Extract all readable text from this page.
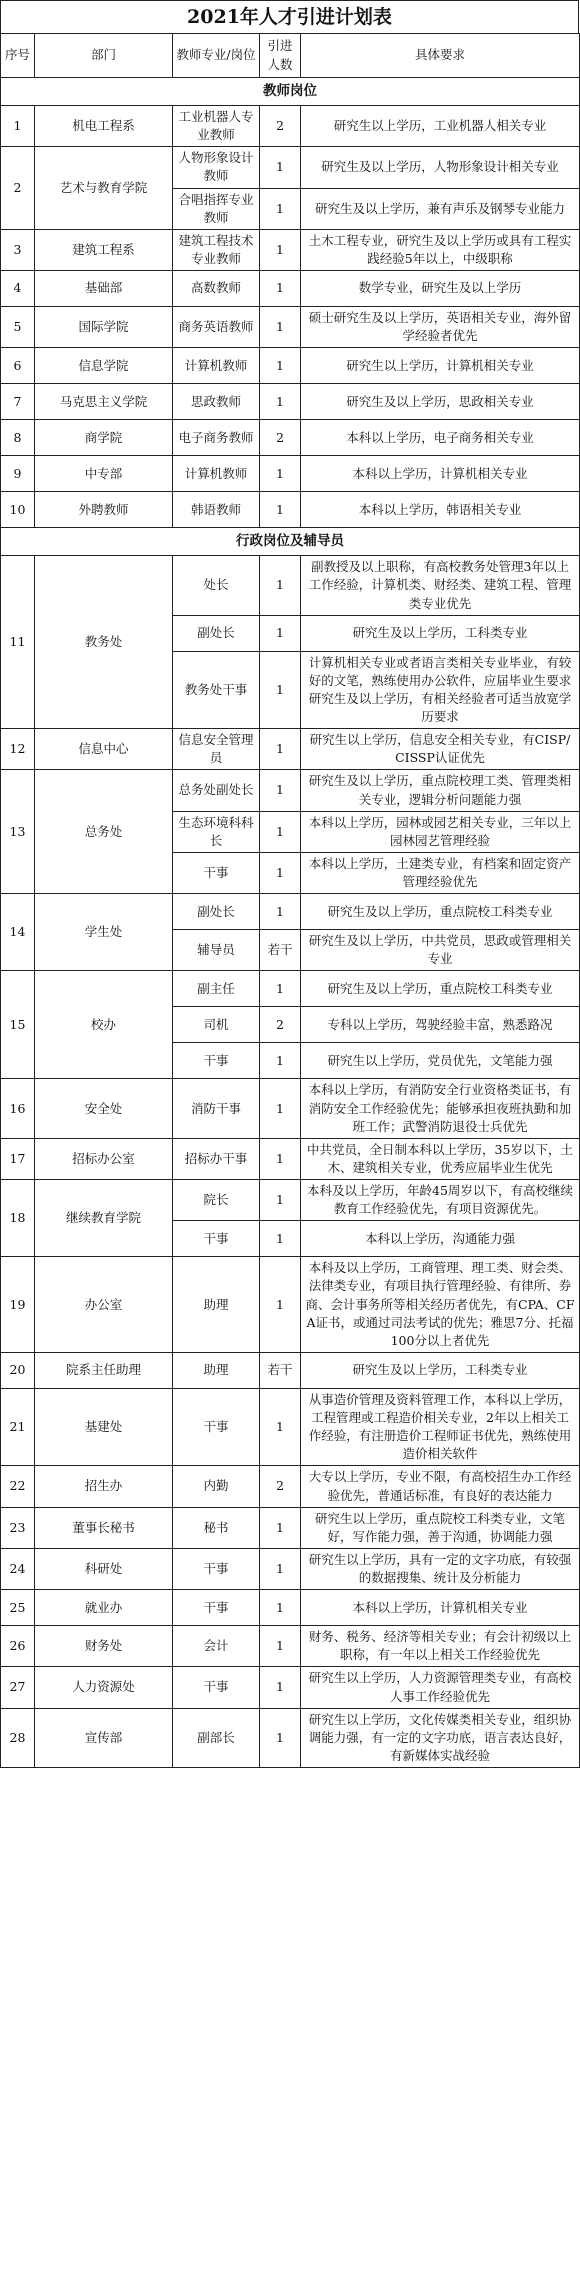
2021年人才引进计划表
序号	部门	教师专业/岗位	引进人数	具体要求
教师岗位				
1	机电工程系	工业机器人专业教师	2	研究生以上学历，工业机器人相关专业
2	艺术与教育学院	人物形象设计教师	1	研究生及以上学历，人物形象设计相关专业
		合唱指挥专业教师	1	研究生及以上学历，兼有声乐及钢琴专业能力
3	建筑工程系	建筑工程技术专业教师	1	土木工程专业，研究生及以上学历或具有工程实践经验5年以上，中级职称
4	基础部	高数教师	1	数学专业，研究生及以上学历
5	国际学院	商务英语教师	1	硕士研究生及以上学历，英语相关专业，海外留学经验者优先
6	信息学院	计算机教师	1	研究生以上学历，计算机相关专业
7	马克思主义学院	思政教师	1	研究生及以上学历，思政相关专业
8	商学院	电子商务教师	2	本科以上学历，电子商务相关专业
9	中专部	计算机教师	1	本科以上学历，计算机相关专业
10	外聘教师	韩语教师	1	本科以上学历，韩语相关专业
行政岗位及辅导员				
11	教务处	处长	1	副教授及以上职称，有高校教务处管理3年以上工作经验，计算机类、财经类、建筑工程、管理类专业优先
		副处长	1	研究生及以上学历，工科类专业
		教务处干事	1	计算机相关专业或者语言类相关专业毕业，有较好的文笔，熟练使用办公软件，应届毕业生要求研究生及以上学历，有相关经验者可适当放宽学历要求
12	信息中心	信息安全管理员	1	研究生以上学历，信息安全相关专业，有CISP/CISSP认证优先
13	总务处	总务处副处长	1	研究生及以上学历，重点院校理工类、管理类相关专业，逻辑分析问题能力强
		生态环境科科长	1	本科以上学历，园林或园艺相关专业，三年以上园林园艺管理经验
		干事	1	本科以上学历，土建类专业，有档案和固定资产管理经验优先
14	学生处	副处长	1	研究生及以上学历，重点院校工科类专业
		辅导员	若干	研究生及以上学历，中共党员，思政或管理相关专业
15	校办	副主任	1	研究生及以上学历，重点院校工科类专业
		司机	2	专科以上学历，驾驶经验丰富，熟悉路况
		干事	1	研究生以上学历，党员优先，文笔能力强
16	安全处	消防干事	1	本科以上学历，有消防安全行业资格类证书，有消防安全工作经验优先；能够承担夜班执勤和加班工作；武警消防退役士兵优先
17	招标办公室	招标办干事	1	中共党员，全日制本科以上学历，35岁以下，土木、建筑相关专业，优秀应届毕业生优先
18	继续教育学院	院长	1	本科及以上学历，年龄45周岁以下，有高校继续教育工作经验优先，有项目资源优先。
		干事	1	本科以上学历，沟通能力强
19	办公室	助理	1	本科及以上学历，工商管理、理工类、财会类、法律类专业，有项目执行管理经验、有律所、券商、会计事务所等相关经历者优先，有CPA、CFA证书，或通过司法考试的优先；雅思7分、托福100分以上者优先
20	院系主任助理	助理	若干	研究生及以上学历，工科类专业
21	基建处	干事	1	从事造价管理及资料管理工作，本科以上学历，工程管理或工程造价相关专业，2年以上相关工作经验，有注册造价工程师证书优先，熟练使用造价相关软件
22	招生办	内勤	2	大专以上学历，专业不限，有高校招生办工作经验优先，普通话标准，有良好的表达能力
23	董事长秘书	秘书	1	研究生以上学历，重点院校工科类专业，文笔好，写作能力强，善于沟通，协调能力强
24	科研处	干事	1	研究生以上学历，具有一定的文字功底，有较强的数据搜集、统计及分析能力
25	就业办	干事	1	本科以上学历，计算机相关专业
26	财务处	会计	1	财务、税务、经济等相关专业；有会计初级以上职称，有一年以上相关工作经验优先
27	人力资源处	干事	1	研究生以上学历，人力资源管理类专业，有高校人事工作经验优先
28	宣传部	副部长	1	研究生以上学历，文化传媒类相关专业，组织协调能力强，有一定的文字功底，语言表达良好，有新媒体实战经验
